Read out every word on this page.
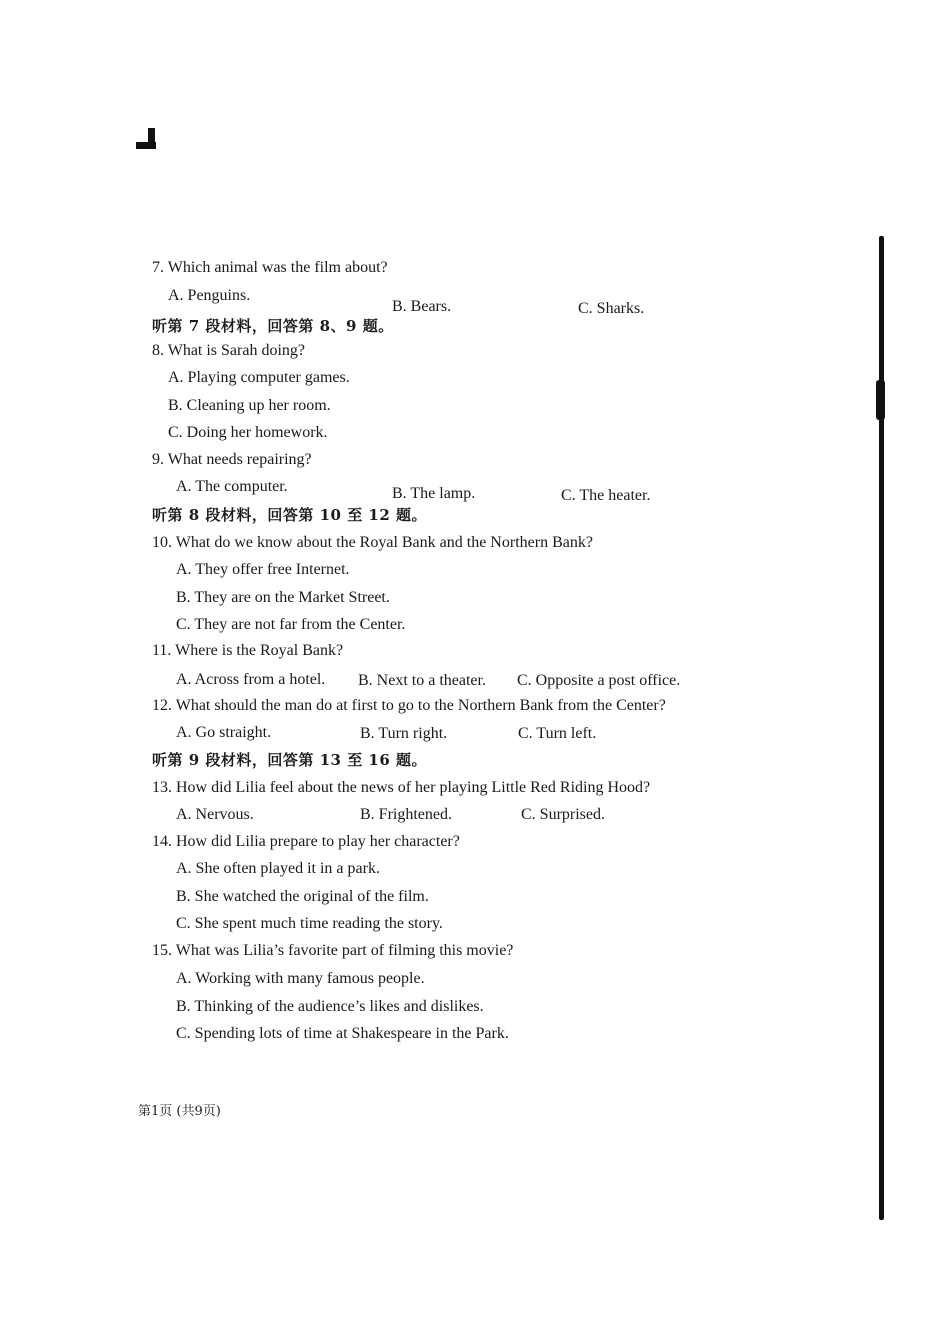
7. Which animal was the film about?
A. Penguins.
B. Bears.	C. Sharks.
听第 7 段材料，回答第 8、9 题。
8. What is Sarah doing?
A. Playing computer games.
B. Cleaning up her room.
C. Doing her homework.
9. What needs repairing?
A. The computer.	B. The lamp.	C. The heater.
听第 8 段材料，回答第 10 至 12 题。
10. What do we know about the Royal Bank and the Northern Bank?
A. They offer free Internet.
B. They are on the Market Street.
C. They are not far from the Center.
11. Where is the Royal Bank?
A. Across from a hotel. B. Next to a theater. C. Opposite a post office.
12. What should the man do at first to go to the Northern Bank from the Center?
A. Go straight.	B. Turn right.	C. Turn left.
听第 9 段材料，回答第 13 至 16 题。
13. How did Lilia feel about the news of her playing Little Red Riding Hood?
A. Nervous.	B. Frightened.	C. Surprised.
14. How did Lilia prepare to play her character?
A. She often played it in a park.
B. She watched the original of the film.
C. She spent much time reading the story.
15. What was Lilia’s favorite part of filming this movie?
A. Working with many famous people.
B. Thinking of the audience’s likes and dislikes.
C. Spending lots of time at Shakespeare in the Park.
第1页 (共9页)
